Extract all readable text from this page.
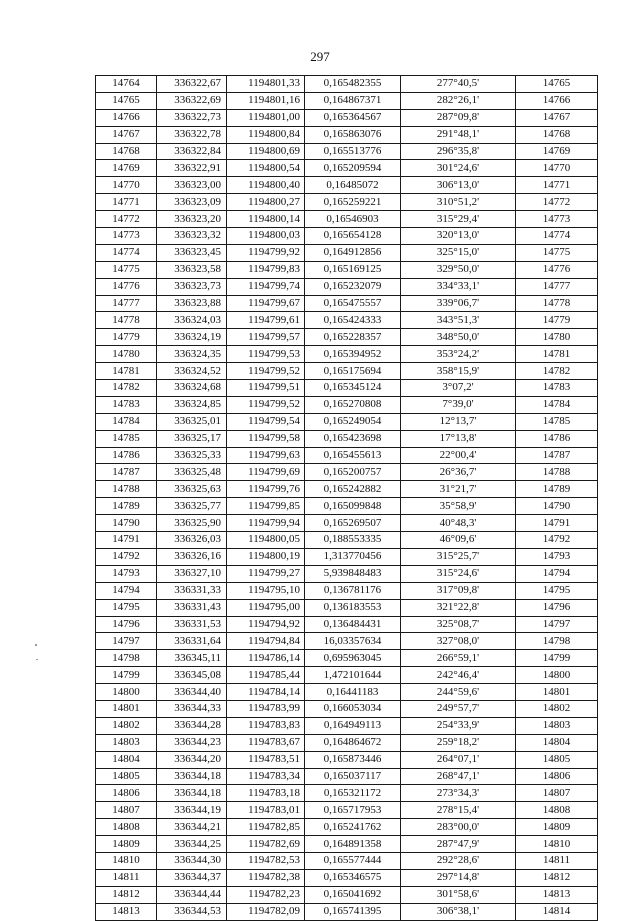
297
14764	336322,67	1194801,33	0,165482355	277°40,5'	14765
14765	336322,69	1194801,16	0,164867371	282°26,1'	14766
14766	336322,73	1194801,00	0,165364567	287°09,8'	14767
14767	336322,78	1194800,84	0,165863076	291°48,1'	14768
14768	336322,84	1194800,69	0,165513776	296°35,8'	14769
14769	336322,91	1194800,54	0,165209594	301°24,6'	14770
14770	336323,00	1194800,40	0,16485072	306°13,0'	14771
14771	336323,09	1194800,27	0,165259221	310°51,2'	14772
14772	336323,20	1194800,14	0,16546903	315°29,4'	14773
14773	336323,32	1194800,03	0,165654128	320°13,0'	14774
14774	336323,45	1194799,92	0,164912856	325°15,0'	14775
14775	336323,58	1194799,83	0,165169125	329°50,0'	14776
14776	336323,73	1194799,74	0,165232079	334°33,1'	14777
14777	336323,88	1194799,67	0,165475557	339°06,7'	14778
14778	336324,03	1194799,61	0,165424333	343°51,3'	14779
14779	336324,19	1194799,57	0,165228357	348°50,0'	14780
14780	336324,35	1194799,53	0,165394952	353°24,2'	14781
14781	336324,52	1194799,52	0,165175694	358°15,9'	14782
14782	336324,68	1194799,51	0,165345124	3°07,2'	14783
14783	336324,85	1194799,52	0,165270808	7°39,0'	14784
14784	336325,01	1194799,54	0,165249054	12°13,7'	14785
14785	336325,17	1194799,58	0,165423698	17°13,8'	14786
14786	336325,33	1194799,63	0,165455613	22°00,4'	14787
14787	336325,48	1194799,69	0,165200757	26°36,7'	14788
14788	336325,63	1194799,76	0,165242882	31°21,7'	14789
14789	336325,77	1194799,85	0,165099848	35°58,9'	14790
14790	336325,90	1194799,94	0,165269507	40°48,3'	14791
14791	336326,03	1194800,05	0,188553335	46°09,6'	14792
14792	336326,16	1194800,19	1,313770456	315°25,7'	14793
14793	336327,10	1194799,27	5,939848483	315°24,6'	14794
14794	336331,33	1194795,10	0,136781176	317°09,8'	14795
14795	336331,43	1194795,00	0,136183553	321°22,8'	14796
14796	336331,53	1194794,92	0,136484431	325°08,7'	14797
14797	336331,64	1194794,84	16,03357634	327°08,0'	14798
14798	336345,11	1194786,14	0,695963045	266°59,1'	14799
14799	336345,08	1194785,44	1,472101644	242°46,4'	14800
14800	336344,40	1194784,14	0,16441183	244°59,6'	14801
14801	336344,33	1194783,99	0,166053034	249°57,7'	14802
14802	336344,28	1194783,83	0,164949113	254°33,9'	14803
14803	336344,23	1194783,67	0,164864672	259°18,2'	14804
14804	336344,20	1194783,51	0,165873446	264°07,1'	14805
14805	336344,18	1194783,34	0,165037117	268°47,1'	14806
14806	336344,18	1194783,18	0,165321172	273°34,3'	14807
14807	336344,19	1194783,01	0,165717953	278°15,4'	14808
14808	336344,21	1194782,85	0,165241762	283°00,0'	14809
14809	336344,25	1194782,69	0,164891358	287°47,9'	14810
14810	336344,30	1194782,53	0,165577444	292°28,6'	14811
14811	336344,37	1194782,38	0,165346575	297°14,8'	14812
14812	336344,44	1194782,23	0,165041692	301°58,6'	14813
14813	336344,53	1194782,09	0,165741395	306°38,1'	14814
